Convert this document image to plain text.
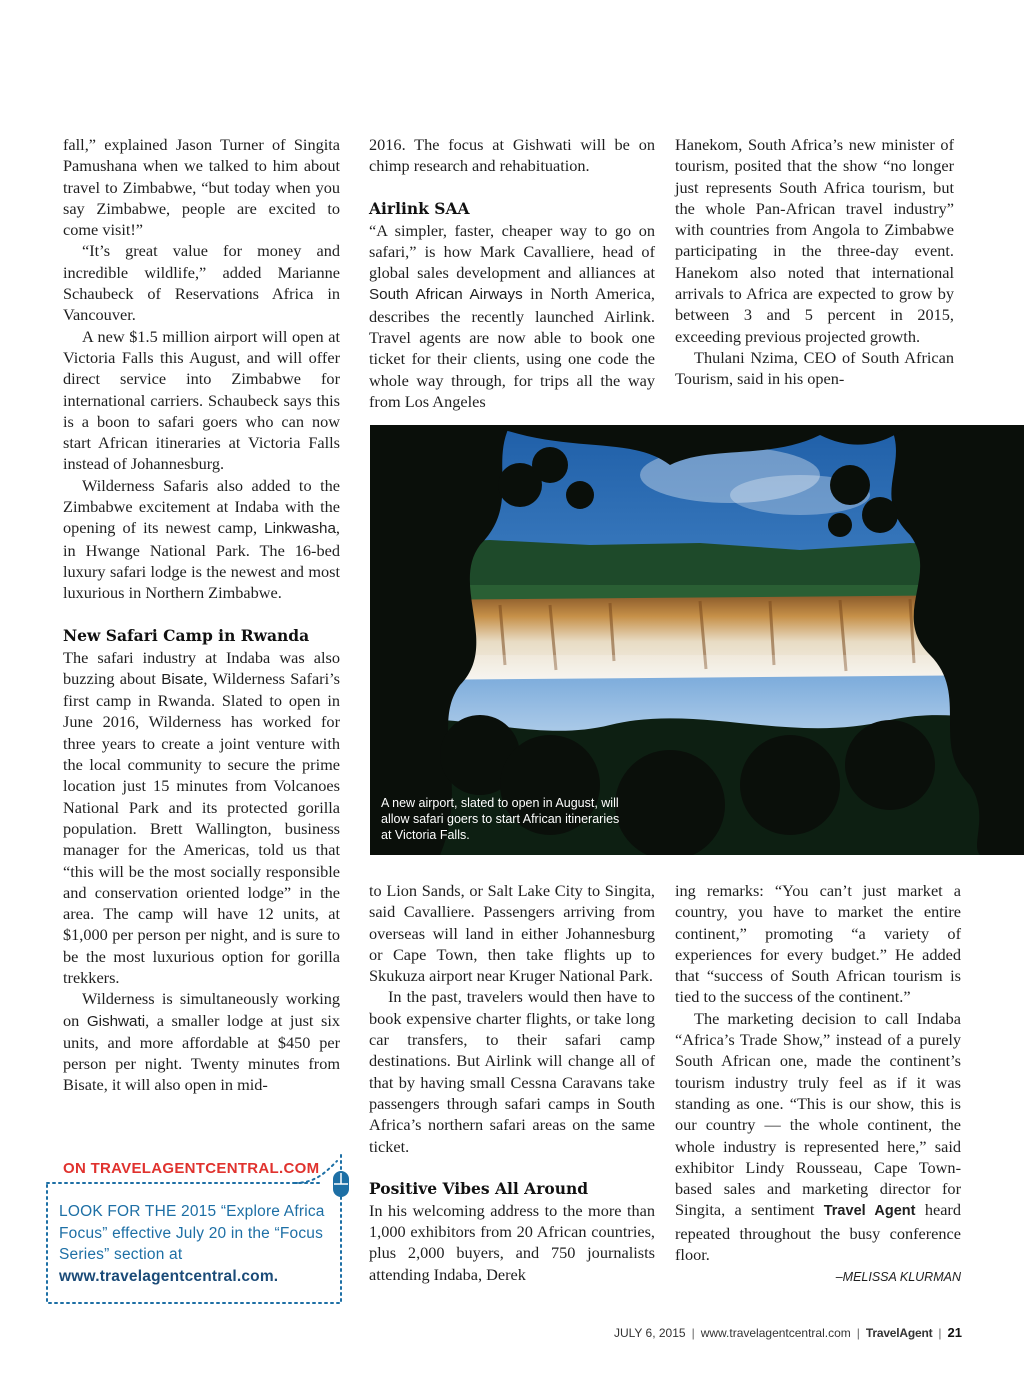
fall,” explained Jason Turner of Singita Pamushana when we talked to him about travel to Zimbabwe, “but today when you say Zimbabwe, people are excited to come visit!”

“It’s great value for money and incredible wildlife,” added Marianne Schaubeck of Reservations Africa in Vancouver.

A new $1.5 million airport will open at Victoria Falls this August, and will offer direct service into Zimbabwe for international carriers. Schaubeck says this is a boon to safari goers who can now start African itineraries at Victoria Falls instead of Johannesburg.

Wilderness Safaris also added to the Zimbabwe excitement at Indaba with the opening of its newest camp, Linkwasha, in Hwange National Park. The 16-bed luxury safari lodge is the newest and most luxurious in Northern Zimbabwe.

New Safari Camp in Rwanda

The safari industry at Indaba was also buzzing about Bisate, Wilderness Safari’s first camp in Rwanda. Slated to open in June 2016, Wilderness has worked for three years to create a joint venture with the local community to secure the prime location just 15 minutes from Volcanoes National Park and its protected gorilla population. Brett Wallington, business manager for the Americas, told us that “this will be the most socially responsible and conservation oriented lodge” in the area. The camp will have 12 units, at $1,000 per person per night, and is sure to be the most luxurious option for gorilla trekkers.

Wilderness is simultaneously working on Gishwati, a smaller lodge at just six units, and more affordable at $450 per person per night. Twenty minutes from Bisate, it will also open in mid-

2016. The focus at Gishwati will be on chimp research and rehabituation.

Airlink SAA

“A simpler, faster, cheaper way to go on safari,” is how Mark Cavalliere, head of global sales development and alliances at South African Airways in North America, describes the recently launched Airlink. Travel agents are now able to book one ticket for their clients, using one code the whole way through, for trips all the way from Los Angeles

Hanekom, South Africa’s new minister of tourism, posited that the show “no longer just represents South Africa tourism, but the whole Pan-African travel industry” with countries from Angola to Zimbabwe participating in the three-day event. Hanekom also noted that international arrivals to Africa are expected to grow by between 3 and 5 percent in 2015, exceeding previous projected growth.

Thulani Nzima, CEO of South African Tourism, said in his open-

A new airport, slated to open in August, will allow safari goers to start African itineraries at Victoria Falls.

to Lion Sands, or Salt Lake City to Singita, said Cavalliere. Passengers arriving from overseas will land in either Johannesburg or Cape Town, then take flights up to Skukuza airport near Kruger National Park.

In the past, travelers would then have to book expensive charter flights, or take long car transfers, to their safari camp destinations. But Airlink will change all of that by having small Cessna Caravans take passengers through safari camps in South Africa’s northern safari areas on the same ticket.

Positive Vibes All Around

In his welcoming address to the more than 1,000 exhibitors from 20 African countries, plus 2,000 buyers, and 750 journalists attending Indaba, Derek

ing remarks: “You can’t just market a country, you have to market the entire continent,” promoting “a variety of experiences for every budget.” He added that “success of South African tourism is tied to the success of the continent.”

The marketing decision to call Indaba “Africa’s Trade Show,” instead of a purely South African one, made the continent’s tourism industry truly feel as if it was standing as one. “This is our show, this is our country — the whole continent, the whole industry is represented here,” said exhibitor Lindy Rousseau, Cape Town-based sales and marketing director for Singita, a sentiment Travel Agent heard repeated throughout the busy conference floor.

–MELISSA KLURMAN
ON TRAVELAGENTCENTRAL.COM
LOOK FOR THE 2015 “Explore Africa Focus” effective July 20 in the “Focus Series” section at www.travelagentcentral.com.
JULY 6, 2015 | www.travelagentcentral.com | TravelAgent | 21
